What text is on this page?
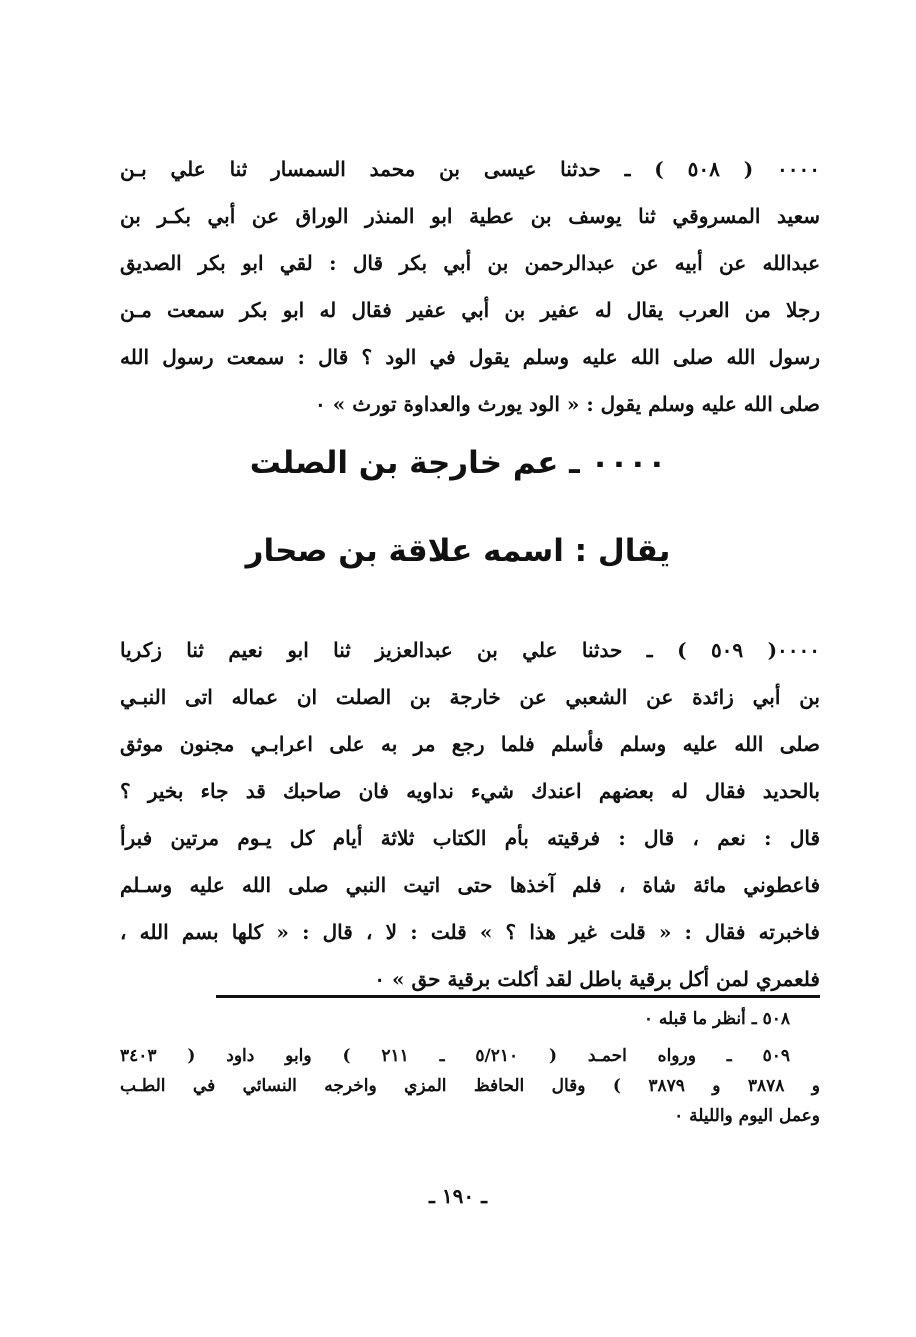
٠٠٠٠ ( ٥٠٨ ) ـ حدثنا عيسى بن محمد السمسار ثنا علي بـن
سعيد المسروقي ثنا يوسف بن عطية ابو المنذر الوراق عن أبي بكـر بن
عبدالله عن أبيه عن عبدالرحمن بن أبي بكر قال : لقي ابو بكر الصديق
رجلا من العرب يقال له عفير بن أبي عفير فقال له ابو بكر سمعت مـن
رسول الله صلى الله عليه وسلم يقول في الود ؟ قال : سمعت رسول الله
صلى الله عليه وسلم يقول : « الود يورث والعداوة تورث » ٠
٠٠٠٠ ـ عم خارجة بن الصلت
يقال : اسمه علاقة بن صحار
٠٠٠٠( ٥٠٩ ) ـ حدثنا علي بن عبدالعزيز ثنا ابو نعيم ثنا زكريا
بن أبي زائدة عن الشعبي عن خارجة بن الصلت ان عماله اتى النبـي
صلى الله عليه وسلم فأسلم فلما رجع مر به على اعرابـي مجنون موثق
بالحديد فقال له بعضهم اعندك شيء نداويه فان صاحبك قد جاء بخير ؟
قال : نعم ، قال : فرقيته بأم الكتاب ثلاثة أيام كل يـوم مرتين فبرأ
فاعطوني مائة شاة ، فلم آخذها حتى اتيت النبي صلى الله عليه وسـلم
فاخبرته فقال : « قلت غير هذا ؟ » قلت : لا ، قال : « كلها بسم الله ،
فلعمري لمن أكل برقية باطل لقد أكلت برقية حق » ٠
٥٠٨ ـ أنظر ما قبله ٠
٥٠٩ ـ ورواه احمـد ( ٥/٢١٠ ـ ٢١١ ) وابو داود ( ٣٤٠٣
و ٣٨٧٨ و ٣٨٧٩ ) وقال الحافظ المزي واخرجه النسائي في الطـب
وعمل اليوم والليلة ٠
ـ ١٩٠ ـ
